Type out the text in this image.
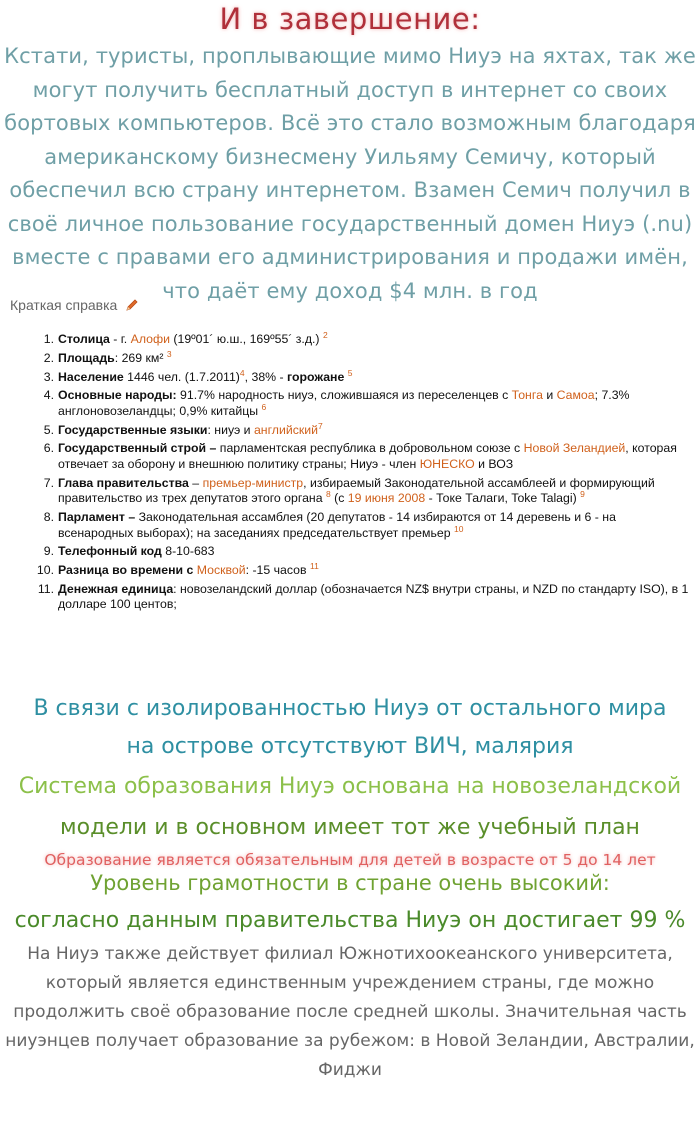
И в завершение:
Кстати, туристы, проплывающие мимо Ниуэ на яхтах, так же могут получить бесплатный доступ в интернет со своих бортовых компьютеров. Всё это стало возможным благодаря американскому бизнесмену Уильяму Семичу, который обеспечил всю страну интернетом. Взамен Семич получил в своё личное пользование государственный домен Ниуэ (.nu) вместе с правами его администрирования и продажи имён, что даёт ему доход $4 млн. в год
Краткая справка
1. Столица - г. Алофи (19º01´ ю.ш., 169º55´ з.д.) $^2$
2. Площадь: 269 км² $^3$
3. Население 1446 чел. $(1.7.2011)^4$, 38% - горожане $^5$
4. Основные народы: 91.7% народность ниуэ, сложившаяся из переселенцев с Тонга и Самоа; 7.3% англоновозеландцы; 0,9% китайцы $^6$
5. Государственные языки: ниуэ и английский$^7$
6. Государственный строй – парламентская республика в добровольном союзе с Новой Зеландией, которая отвечает за оборону и внешнюю политику страны; Ниуэ - член ЮНЕСКО и ВОЗ
7. Глава правительства – премьер-министр, избираемый Законодательной ассамблеей и формирующий правительство из трех депутатов этого органа $^8$ (с 19 июня 2008 - Токе Талаги, Toke Talagi) $^9$
8. Парламент – Законодательная ассамблея (20 депутатов - 14 избираются от 14 деревень и 6 - на всенародных выборах); на заседаниях председательствует премьер $^{10}$
9. Телефонный код 8-10-683
10. Разница во времени с Москвой: -15 часов $^{11}$
11. Денежная единица: новозеландский доллар (обозначается NZ$ внутри страны, и NZD по стандарту ISO), в 1 долларе 100 центов;
В связи с изолированностью Ниуэ от остального мира
на острове отсутствуют ВИЧ, малярия
Система образования Ниуэ основана на новозеландской
модели и в основном имеет тот же учебный план
Образование является обязательным для детей в возрасте от 5 до 14 лет
Уровень грамотности в стране очень высокий:
согласно данным правительства Ниуэ он достигает 99 %
На Ниуэ также действует филиал Южнотихоокеанского университета, который является единственным учреждением страны, где можно продолжить своё образование после средней школы. Значительная часть ниуэнцев получает образование за рубежом: в Новой Зеландии, Австралии, Фиджи
